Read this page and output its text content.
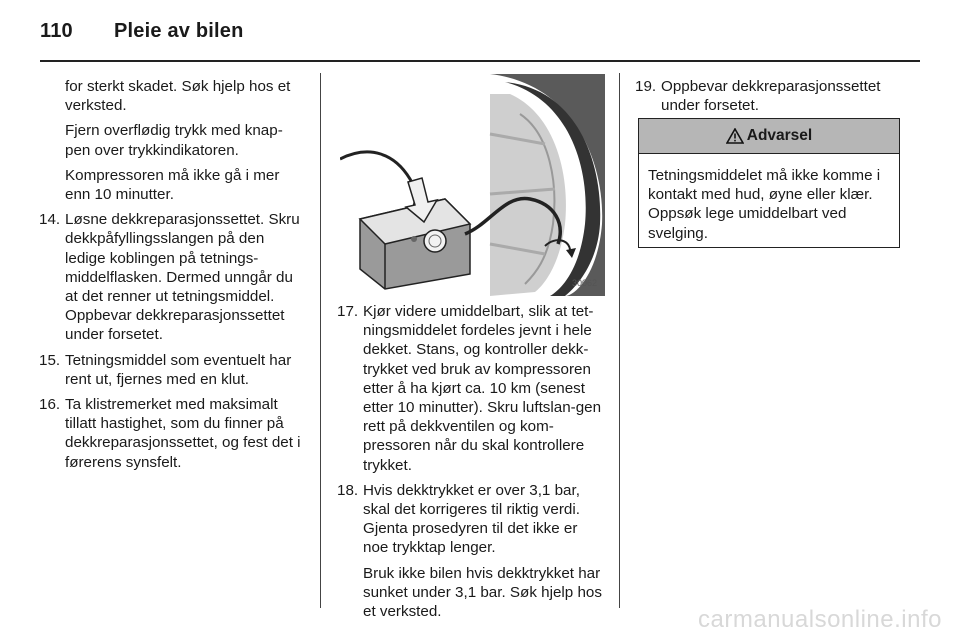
110 Pleie av bilen

for sterkt skadet. Søk hjelp hos et verksted.

Fjern overflødig trykk med knap-pen over trykkindikatoren.

Kompressoren må ikke gå i mer enn 10 minutter.

14. Løsne dekkreparasjonssettet. Skru dekkpåfyllingsslangen på den ledige koblingen på tetnings-middelflasken. Dermed unngår du at det renner ut tetningsmiddel. Oppbevar dekkreparasjonssettet under forsetet.
15. Tetningsmiddel som eventuelt har rent ut, fjernes med en klut.
16. Ta klistremerket med maksimalt tillatt hastighet, som du finner på dekkreparasjonssettet, og fest det i førerens synsfelt.
30062
17. Kjør videre umiddelbart, slik at tet-ningsmiddelet fordeles jevnt i hele dekket. Stans, og kontroller dekk-trykket ved bruk av kompressoren etter å ha kjørt ca. 10 km (senest etter 10 minutter). Skru luftslan-gen rett på dekkventilen og kom-pressoren når du skal kontrollere trykket.
18. Hvis dekktrykket er over 3,1 bar, skal det korrigeres til riktig verdi. Gjenta prosedyren til det ikke er noe trykktap lenger.
Bruk ikke bilen hvis dekktrykket har sunket under 3,1 bar. Søk hjelp hos et verksted.
19. Oppbevar dekkreparasjonssettet under forsetet.
Advarsel
Tetningsmiddelet må ikke komme i kontakt med hud, øyne eller klær. Oppsøk lege umiddelbart ved svelging.
carmanualsonline.info
